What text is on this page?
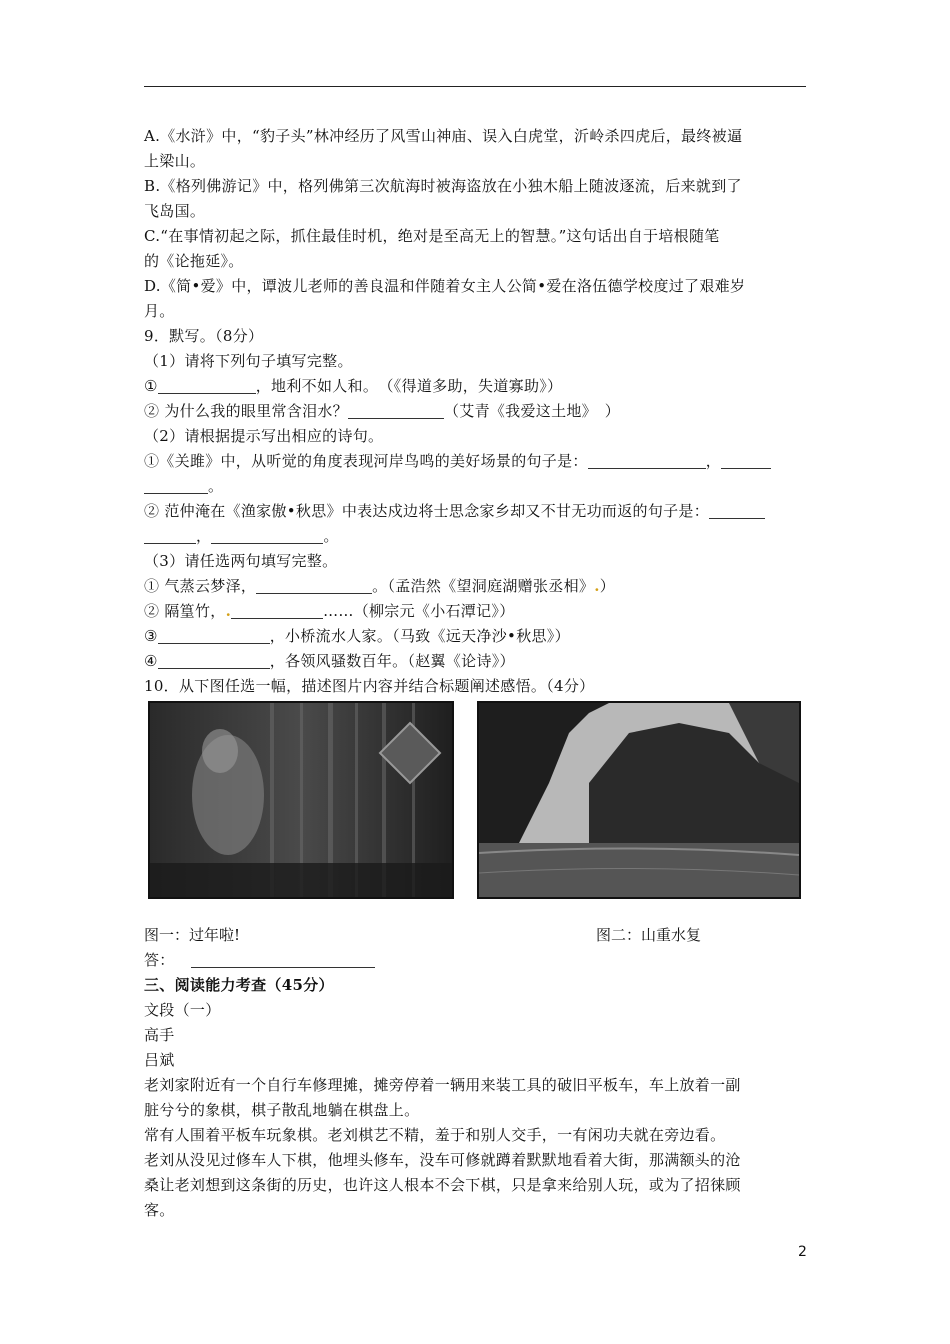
A.《水浒》中，“豹子头”林冲经历了风雪山神庙、误入白虎堂，沂岭杀四虎后，最终被逼
上梁山。
B.《格列佛游记》中，格列佛第三次航海时被海盗放在小独木船上随波逐流，后来就到了
飞岛国。
C.“在事情初起之际，抓住最佳时机，绝对是至高无上的智慧。”这句话出自于培根随笔
的《论拖延》。
D.《简•爱》中，谭波儿老师的善良温和伴随着女主人公简•爱在洛伍德学校度过了艰难岁
月。
9．默写。（8分）
（1）请将下列句子填写完整。
①	，地利不如人和。　（《得道多助，失道寡助》）
② 为什么我的眼里常含泪水？	（艾青《我爱这土地》　）
（2）请根据提示写出相应的诗句。
①《关雎》中，从听觉的角度表现河岸鸟鸣的美好场景的句子是：	，
。
② 范仲淹在《渔家傲•秋思》中表达戍边将士思念家乡却又不甘无功而返的句子是：
，	。
（3）请任选两句填写完整。
① 气蒸云梦泽，	。（孟浩然《望洞庭湖赠张丞相》.）
② 隔篁竹，.	……（柳宗元《小石潭记》）
③	，小桥流水人家。（马致《远天净沙•秋思》）
④	，各领风骚数百年。（赵翼《论诗》）
10．从下图任选一幅，描述图片内容并结合标题阐述感悟。（4分）
图一：过年啦!	图二：山重水复
答：
三、阅读能力考查（45分）
文段（一）
高手
吕斌
老刘家附近有一个自行车修理摊，摊旁停着一辆用来装工具的破旧平板车，车上放着一副
脏兮兮的象棋，棋子散乱地躺在棋盘上。
常有人围着平板车玩象棋。老刘棋艺不精，羞于和别人交手，一有闲功夫就在旁边看。
老刘从没见过修车人下棋，他埋头修车，没车可修就蹲着默默地看着大街，那满额头的沧
桑让老刘想到这条街的历史，也许这人根本不会下棋，只是拿来给别人玩，或为了招徕顾
客。
2
